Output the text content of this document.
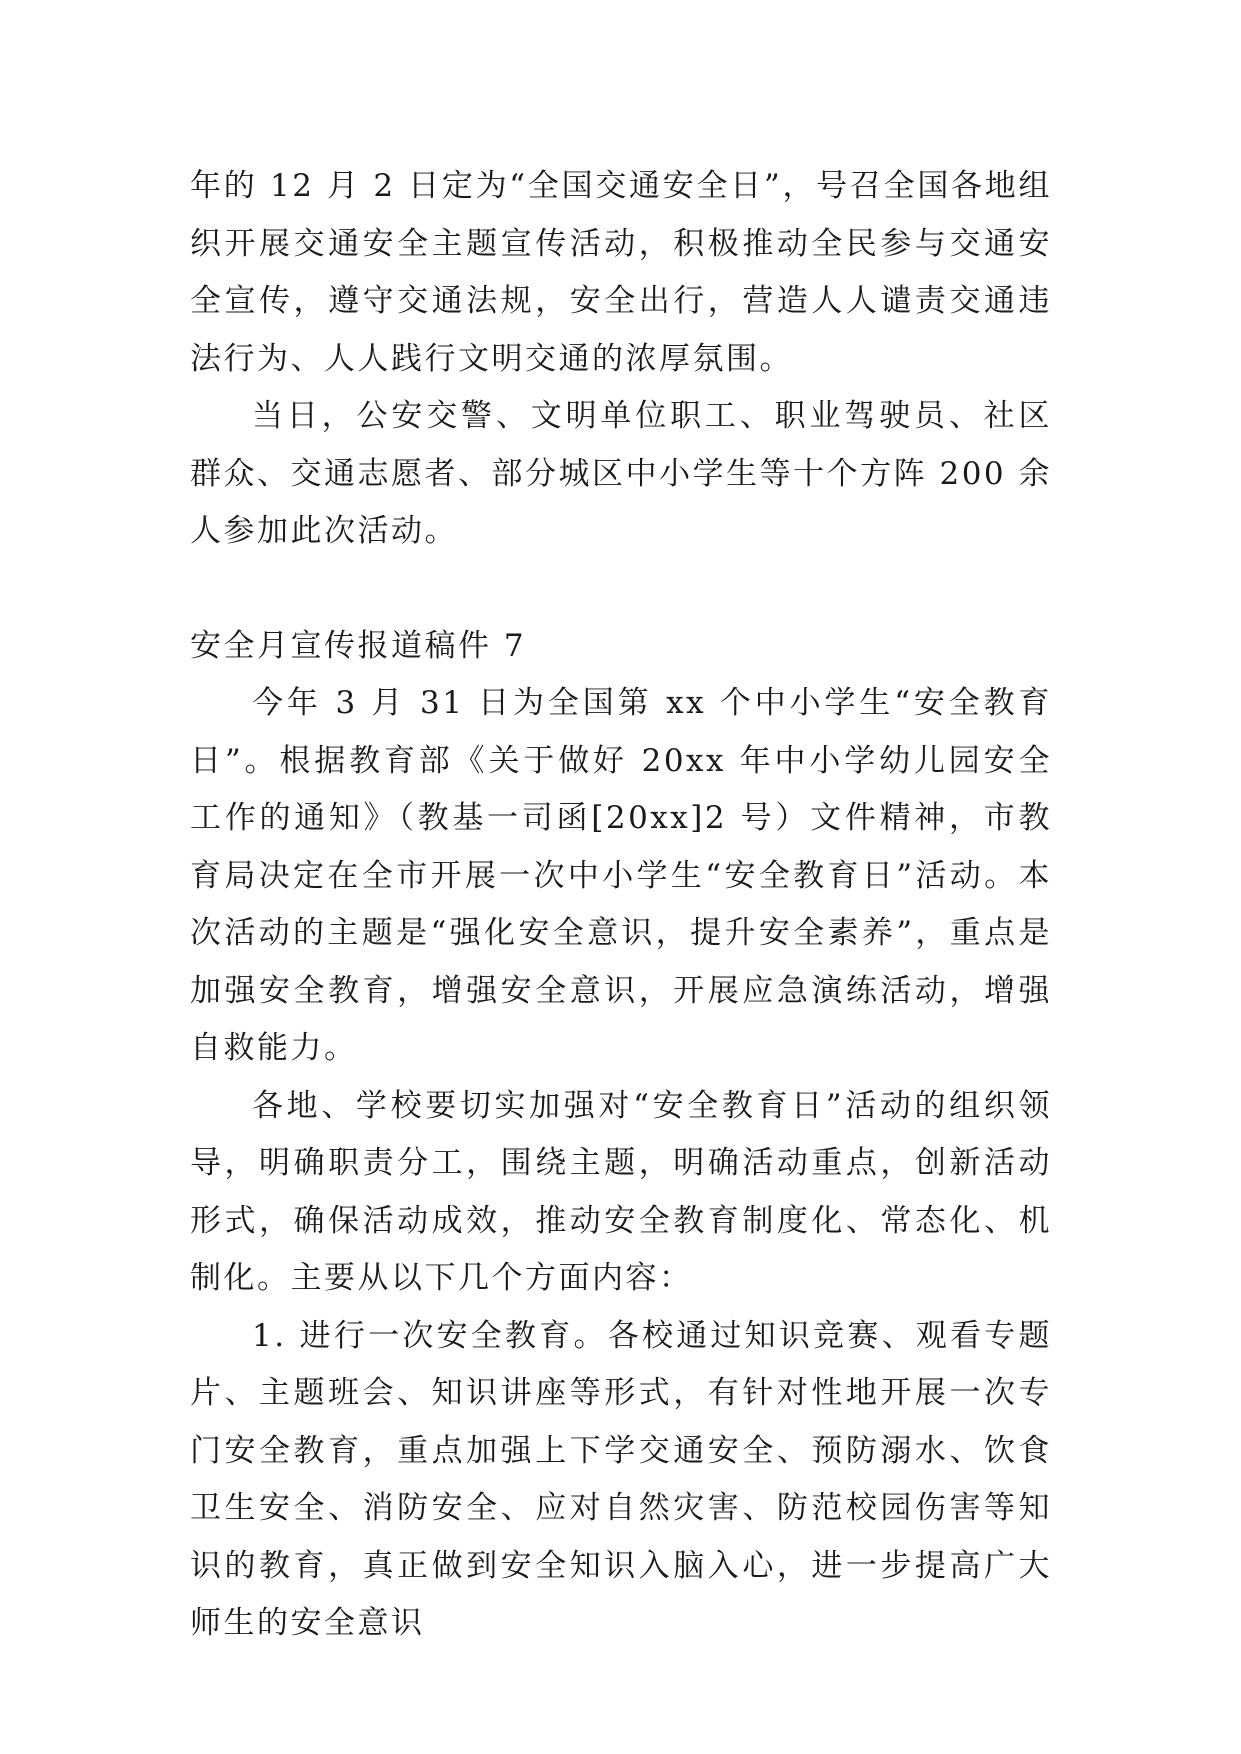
年的 12 月 2 日定为“全国交通安全日”，号召全国各地组织开展交通安全主题宣传活动，积极推动全民参与交通安全宣传，遵守交通法规，安全出行，营造人人谴责交通违法行为、人人践行文明交通的浓厚氛围。

当日，公安交警、文明单位职工、职业驾驶员、社区群众、交通志愿者、部分城区中小学生等十个方阵 200 余人参加此次活动。

安全月宣传报道稿件 7

今年 3 月 31 日为全国第 xx 个中小学生“安全教育日”。根据教育部《关于做好 20xx 年中小学幼儿园安全工作的通知》（教基一司函[20xx]2 号）文件精神，市教育局决定在全市开展一次中小学生“安全教育日”活动。本次活动的主题是“强化安全意识，提升安全素养”，重点是加强安全教育，增强安全意识，开展应急演练活动，增强自救能力。

各地、学校要切实加强对“安全教育日”活动的组织领导，明确职责分工，围绕主题，明确活动重点，创新活动形式，确保活动成效，推动安全教育制度化、常态化、机制化。主要从以下几个方面内容：

1. 进行一次安全教育。各校通过知识竞赛、观看专题片、主题班会、知识讲座等形式，有针对性地开展一次专门安全教育，重点加强上下学交通安全、预防溺水、饮食卫生安全、消防安全、应对自然灾害、防范校园伤害等知识的教育，真正做到安全知识入脑入心，进一步提高广大师生的安全意识
